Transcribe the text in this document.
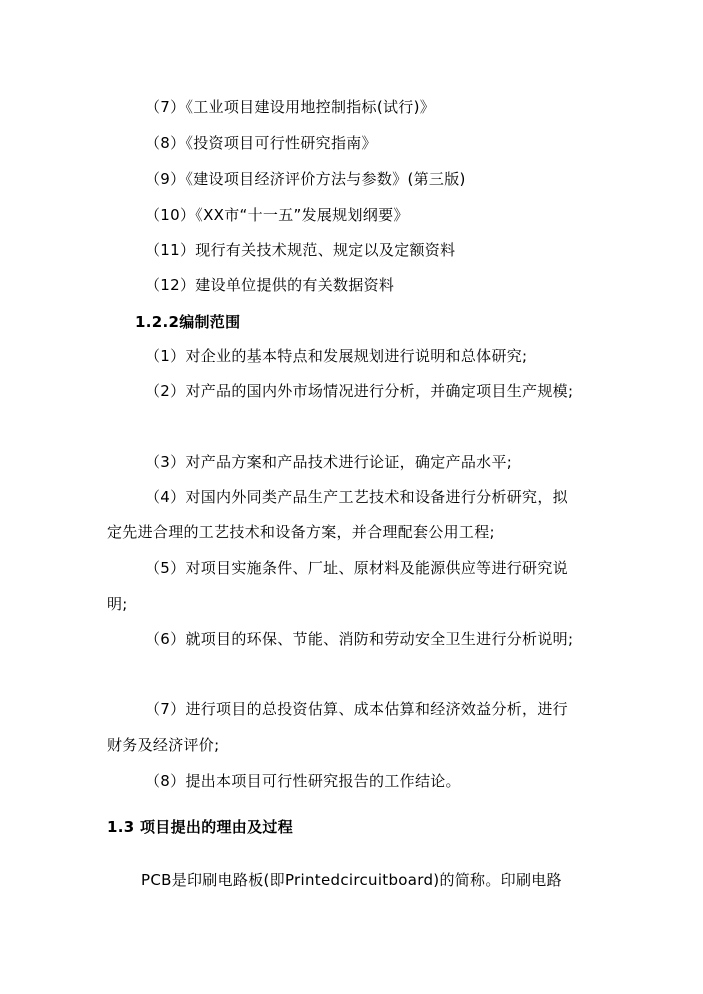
（7）《工业项目建设用地控制指标(试行)》
（8）《投资项目可行性研究指南》
（9）《建设项目经济评价方法与参数》(第三版)
（10）《XX市“十一五”发展规划纲要》
（11）现行有关技术规范、规定以及定额资料
（12）建设单位提供的有关数据资料
1.2.2编制范围
（1）对企业的基本特点和发展规划进行说明和总体研究;
（2）对产品的国内外市场情况进行分析，并确定项目生产规模;
（3）对产品方案和产品技术进行论证，确定产品水平;
（4）对国内外同类产品生产工艺技术和设备进行分析研究，拟
定先进合理的工艺技术和设备方案，并合理配套公用工程;
（5）对项目实施条件、厂址、原材料及能源供应等进行研究说
明;
（6）就项目的环保、节能、消防和劳动安全卫生进行分析说明;
（7）进行项目的总投资估算、成本估算和经济效益分析，进行
财务及经济评价;
（8）提出本项目可行性研究报告的工作结论。
1.3 项目提出的理由及过程
PCB是印刷电路板(即Printedcircuitboard)的简称。印刷电路
